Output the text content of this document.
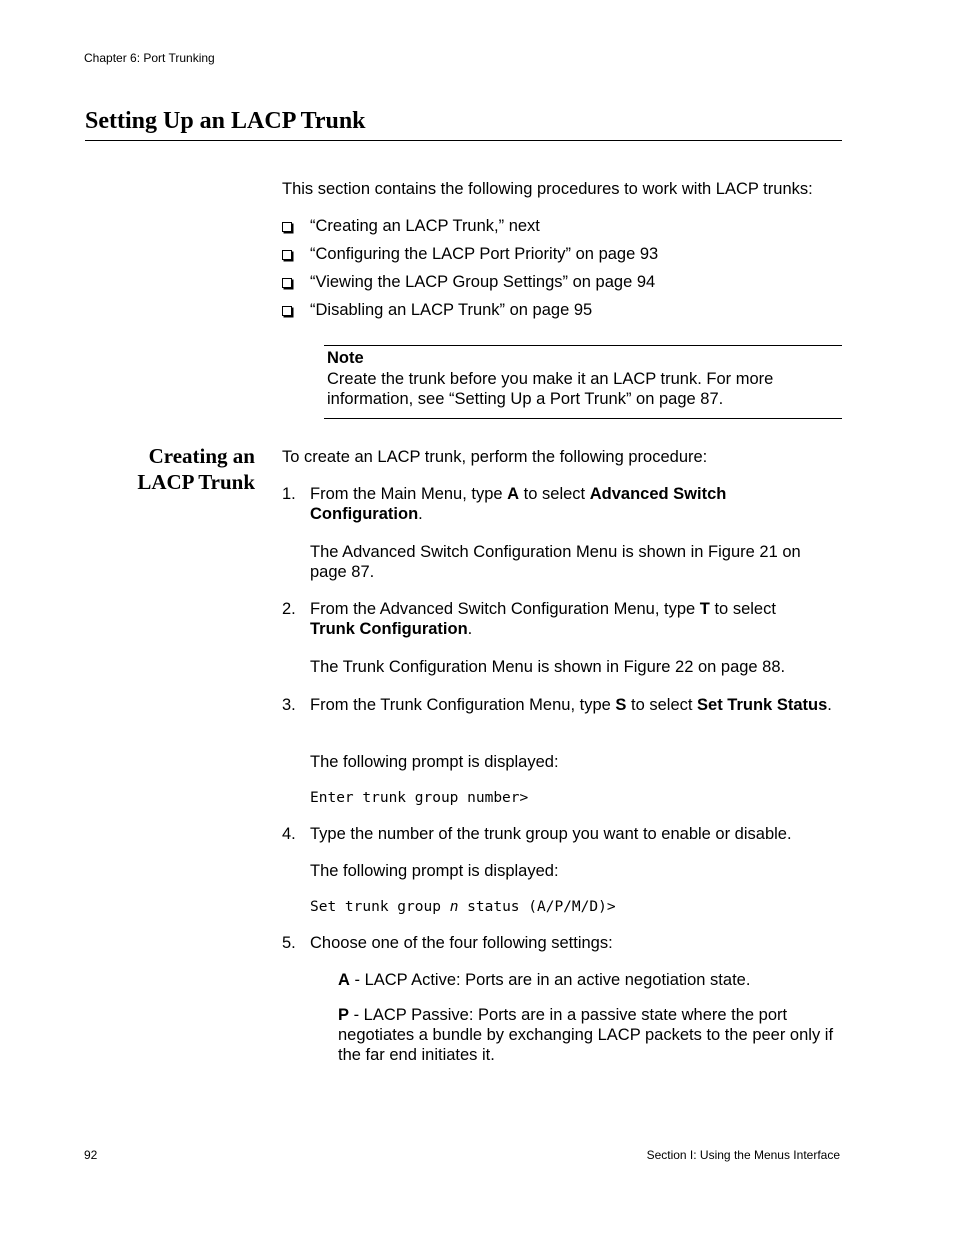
Chapter 6: Port Trunking
Setting Up an LACP Trunk
This section contains the following procedures to work with LACP trunks:
“Creating an LACP Trunk,” next
“Configuring the LACP Port Priority” on page 93
“Viewing the LACP Group Settings” on page 94
“Disabling an LACP Trunk” on page 95
Note
Create the trunk before you make it an LACP trunk. For more information, see “Setting Up a Port Trunk” on page 87.
Creating an
LACP Trunk
To create an LACP trunk, perform the following procedure:
1. From the Main Menu, type A to select Advanced Switch Configuration.
The Advanced Switch Configuration Menu is shown in Figure 21 on page 87.
2. From the Advanced Switch Configuration Menu, type T to select
Trunk Configuration.
The Trunk Configuration Menu is shown in Figure 22 on page 88.
3. From the Trunk Configuration Menu, type S to select Set Trunk Status.
The following prompt is displayed:
Enter trunk group number>
4. Type the number of the trunk group you want to enable or disable.
The following prompt is displayed:
Set trunk group n status (A/P/M/D)>
5. Choose one of the four following settings:
A - LACP Active: Ports are in an active negotiation state.
P - LACP Passive: Ports are in a passive state where the port negotiates a bundle by exchanging LACP packets to the peer only if the far end initiates it.
92	Section I: Using the Menus Interface
